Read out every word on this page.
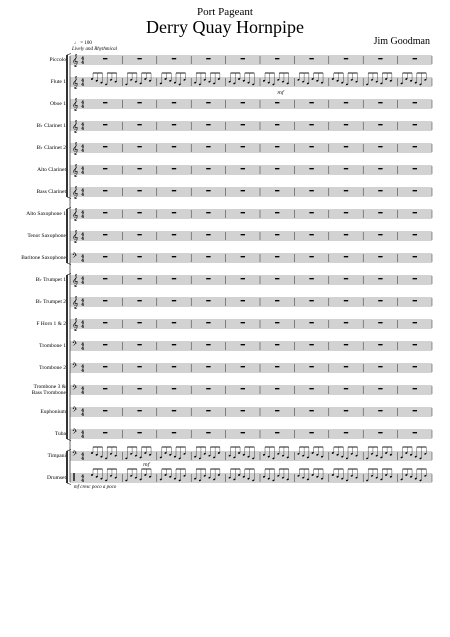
Port Pageant
Derry Quay Hornpipe
Jim Goodman
♩ = 100
Lively and Rhythmical
mf cresc poco a poco
Piccolo
Flute 1
Oboe 1
B♭ Clarinet 1
B♭ Clarinet 2
Alto Clarinet
Bass Clarinet
Alto Saxophone 1
Tenor Saxophone
Baritone Saxophone
B♭ Trumpet 1
B♭ Trumpet 2
F Horn 1 & 2
Trombone 1
Trombone 2
Trombone 3 &
Bass Trombone
Euphonium
Tuba
Timpani
Drumset
𝄞 4
4
𝄞 4
4
𝄞 4
4
𝄞 4
4
𝄞 4
4
𝄞 4
4
𝄞 4
4
𝄞 4
4
𝄞 4
4
𝄢 4
4
𝄞 4
4
𝄞 4
4
𝄞 4
4
𝄢 4
4
𝄢 4
4
𝄢 4
4
𝄢 4
4
𝄢 4
4
𝄢 4
4
‖ 4
4
mf
mf
